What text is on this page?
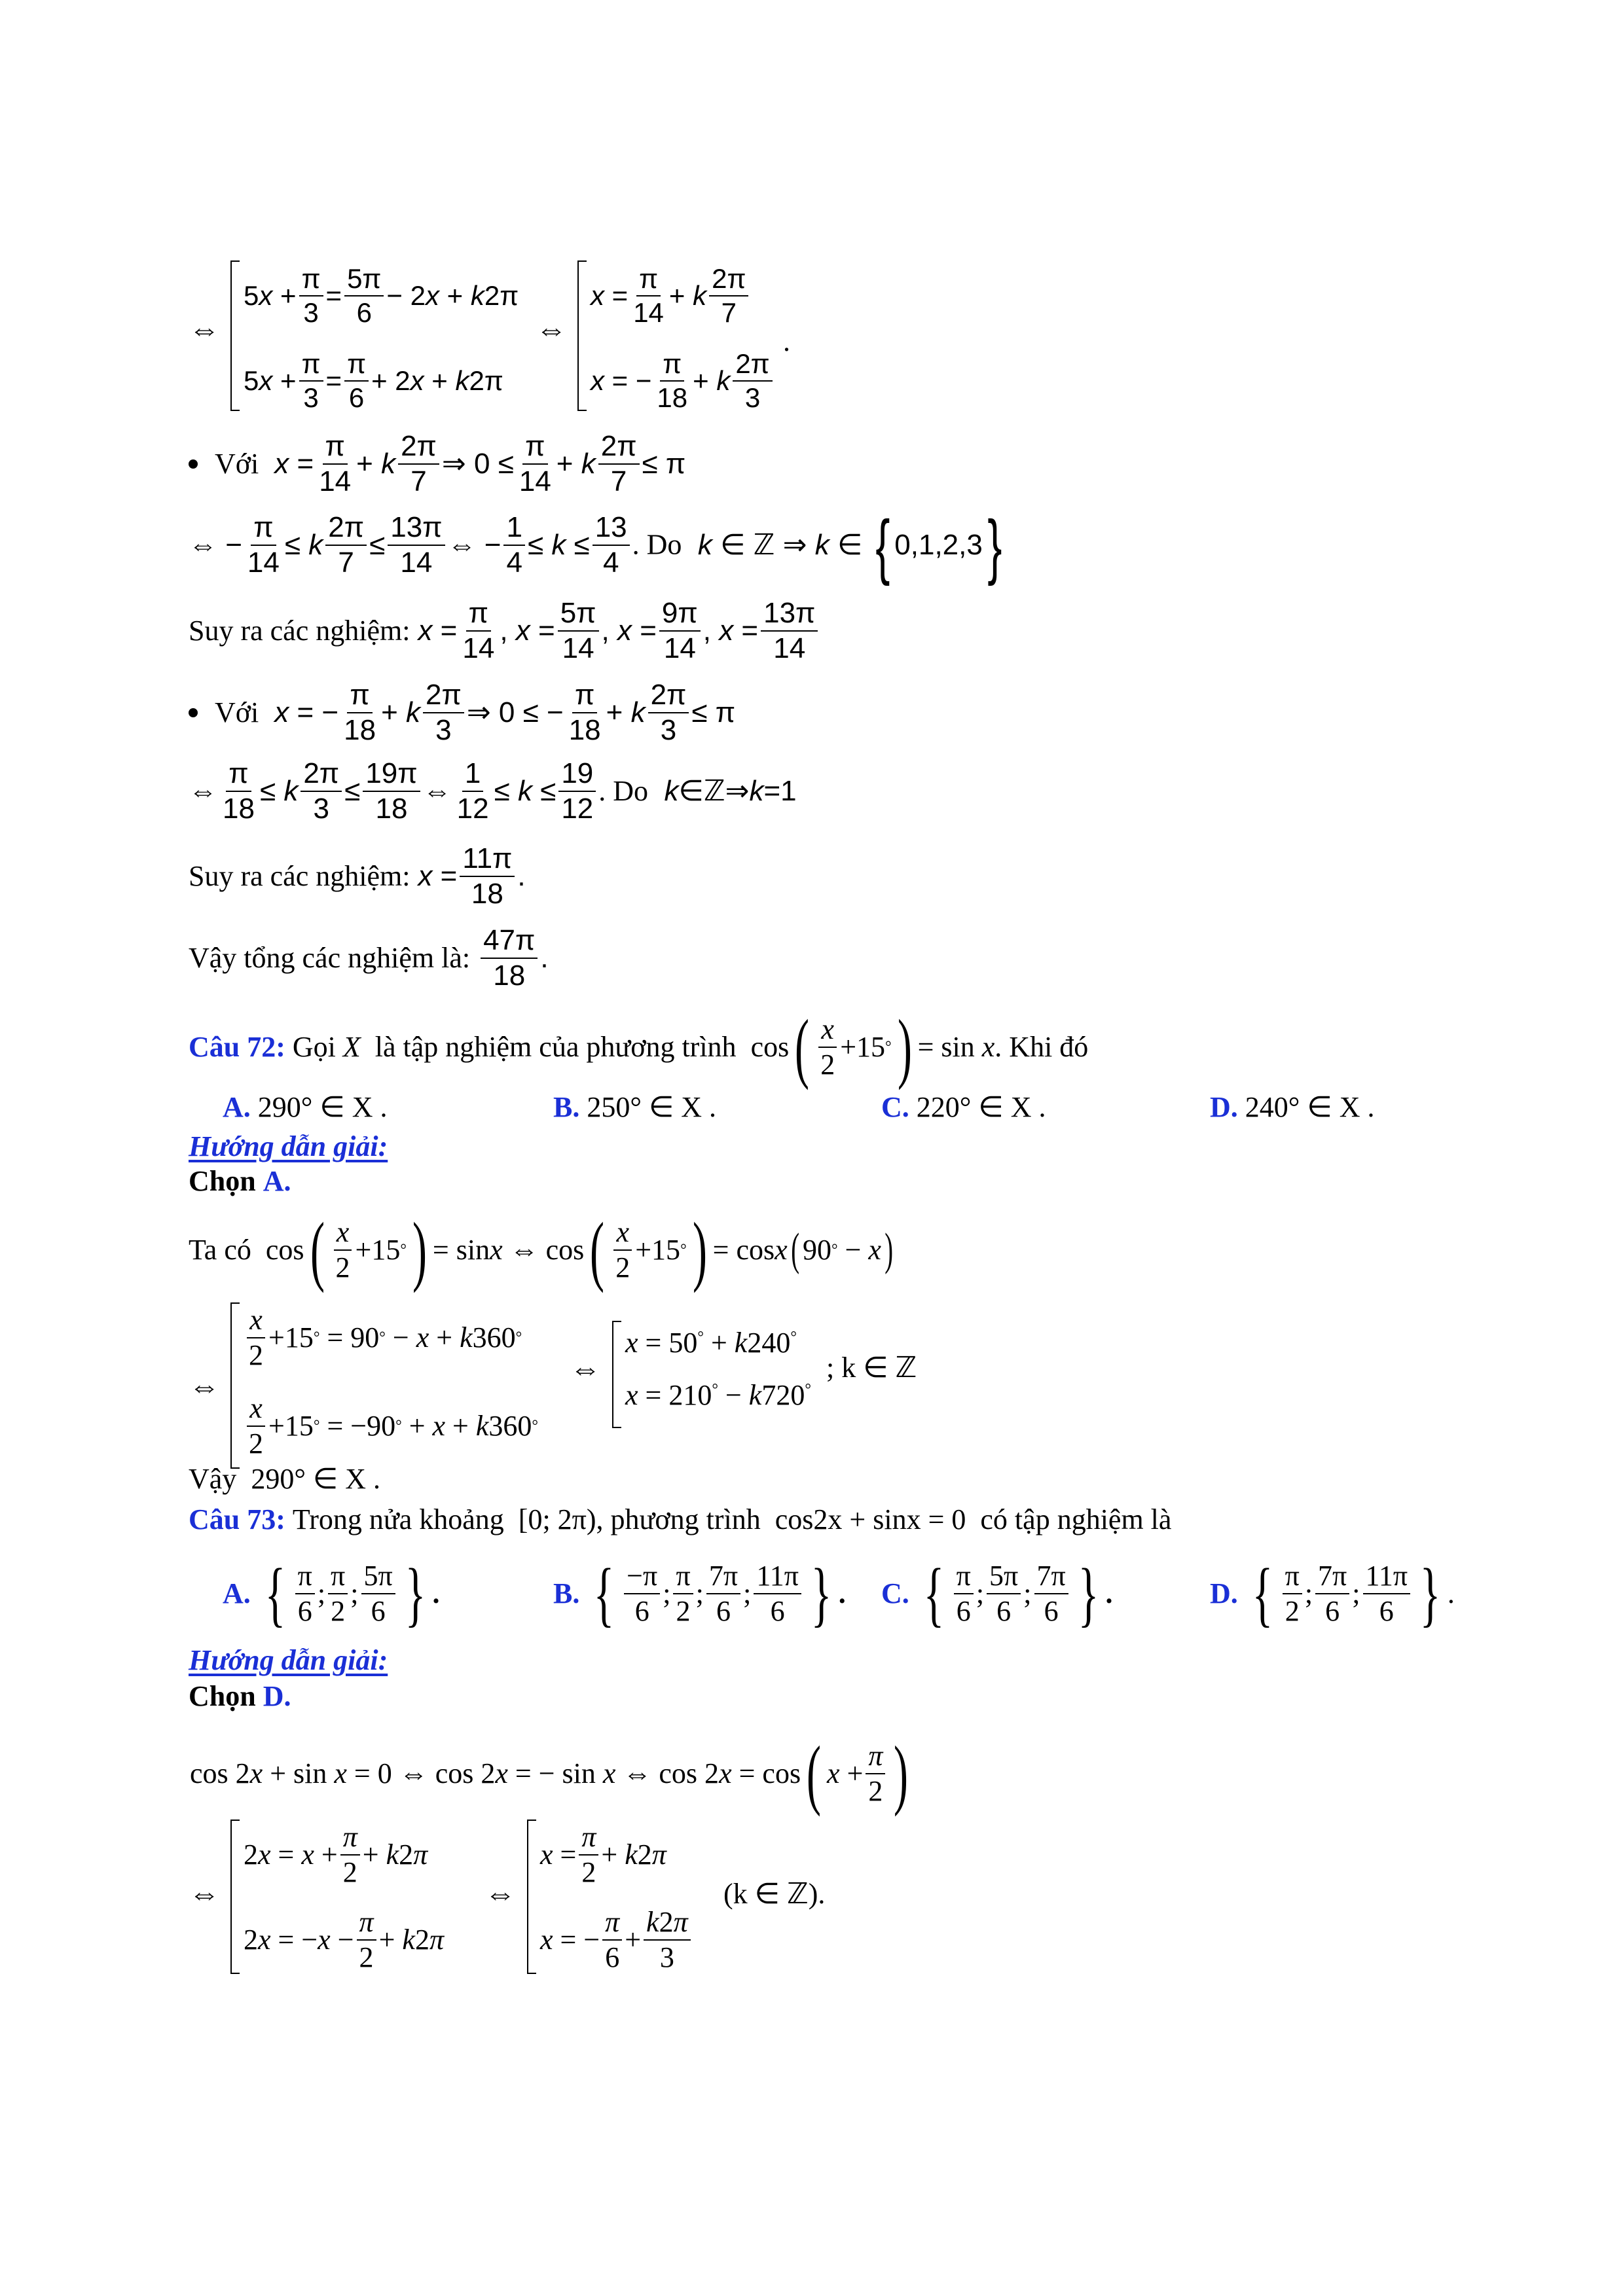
⇔
5 x +
π
3
=
5π
6
− 2 x + k 2π
5 x +
π
3
=
π
6
+ 2 x + k 2π
⇔
x =
π
14
+ k
2π
7
x = −
π
18
+ k
2π
3
.
Với x =
π
14
+ k
2π
7
⇒ 0 ≤
π
14
+ k
2π
7
≤ π
⇔ −
π
14
≤ k
2π
7
≤
13π
14
⇔ −
1
4
≤ k ≤
13
4
. Do k ∈ ℤ ⇒ k ∈ { 0,1,2,3}
Suy ra các nghiệm: x =
π
14
, x =
5π
14
, x =
9π
14
, x =
13π
14
Với x = −
π
18
+ k
2π
3
⇒ 0 ≤ −
π
18
+ k
2π
3
≤ π
⇔
π
18
≤ k
2π
3
≤
19π
18
⇔
1
12
≤ k ≤
19
12
. Do k∈ℤ⇒k=1
Suy ra các nghiệm: x =
11π
18
.
Vậy tổng các nghiệm là:
47π
18
.
Câu 72:
Gọi
X
là tập nghiệm của phương trình cos ( x
2
+15 ° ) = sin x . Khi đó
A. 290° ∈ X .	B. 250° ∈ X .	C. 220° ∈ X .	D. 240° ∈ X .
Hướng dẫn giải:
Chọn A.
Ta có cos ( x
2
+15 ° ) = sin x ⇔ cos ( x
2
+15 ° ) = cos x ( 90 ° − x )
⇔
x
2
+15 ° = 90 ° − x + k 360 °
x
2
+15 ° = −90 ° + x + k 360 °
⇔
x = 50° + k240°
x = 210° − k720°
; k ∈ ℤ
Vậy 290° ∈ X .
Câu 73: Trong nửa khoảng [0; 2π), phương trình cos2x + sinx = 0 có tập nghiệm là
A.
{ π
6
;
π
2
;
5π
6 } .	B.
{ −π
6
;
π
2
;
7π
6
;
11π
6 } . C.
{ π
6
;
5π
6
;
7π
6 } .	D.
{ π
2
;
7π
6
;
11π
6 } .
Hướng dẫn giải:
Chọn D.
cos 2 x + sin x = 0 ⇔ cos 2 x = − sin x ⇔ cos 2 x = cos ( x +
π
2 )
⇔
2 x = x +
π
2
+ k 2 π
2 x = − x −
π
2
+ k 2 π
⇔
x =
π
2
+ k 2 π
x = −
π
6
+
k2π
3
(k ∈ ℤ).
